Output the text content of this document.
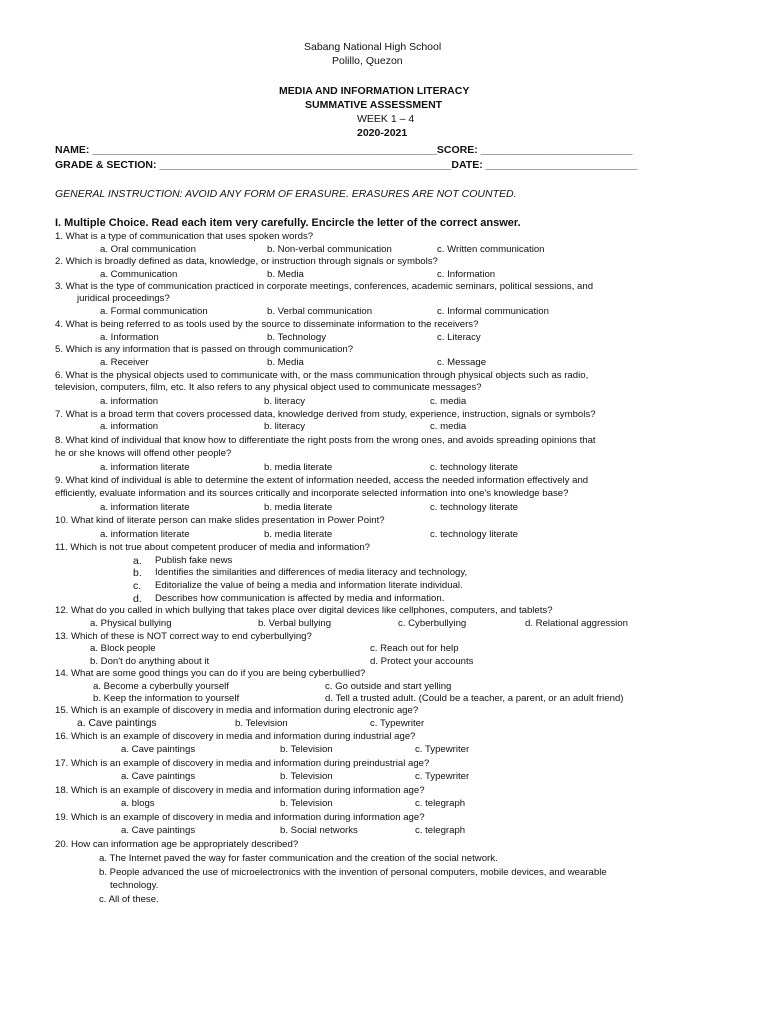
Sabang National High School
Polillo, Quezon
MEDIA AND INFORMATION LITERACY
SUMMATIVE ASSESSMENT
WEEK 1 – 4
2020-2021
NAME: ___________________________________________________________SCORE: __________________________
GRADE & SECTION: __________________________________________________DATE: __________________________
GENERAL INSTRUCTION: AVOID ANY FORM OF ERASURE. ERASURES ARE NOT COUNTED.
I. Multiple Choice. Read each item very carefully. Encircle the letter of the correct answer.
1. What is a type of communication that uses spoken words?
a. Oral communication	b. Non-verbal communication	c. Written communication
2. Which is broadly defined as data, knowledge, or instruction through signals or symbols?
a. Communication	b. Media	c. Information
3. What is the type of communication practiced in corporate meetings, conferences, academic seminars, political sessions, and
juridical proceedings?
a. Formal communication	b. Verbal communication	c. Informal communication
4. What is being referred to as tools used by the source to disseminate information to the receivers?
a. Information	b. Technology	c. Literacy
5. Which is any information that is passed on through communication?
a. Receiver	b. Media	c. Message
6. What is the physical objects used to communicate with, or the mass communication through physical objects such as radio,
television, computers, film, etc. It also refers to any physical object used to communicate messages?
a. information	b. literacy	c. media
7. What is a broad term that covers processed data, knowledge derived from study, experience, instruction, signals or symbols?
a. information	b. literacy	c. media
8. What kind of individual that know how to differentiate the right posts from the wrong ones, and avoids spreading opinions that
he or she knows will offend other people?
a. information literate	b. media literate	c. technology literate
9. What kind of individual is able to determine the extent of information needed, access the needed information effectively and
efficiently, evaluate information and its sources critically and incorporate selected information into one's knowledge base?
a. information literate	b. media literate	c. technology literate
10. What kind of literate person can make slides presentation in Power Point?
a. information literate	b. media literate	c. technology literate
11. Which is not true about competent producer of media and information?
a. Publish fake news
b. Identifies the similarities and differences of media literacy and technology,
c. Editorialize the value of being a media and information literate individual.
d. Describes how communication is affected by media and information.
12. What do you called in which bullying that takes place over digital devices like cellphones, computers, and tablets?
a. Physical bullying	b. Verbal bullying	c. Cyberbullying	d. Relational aggression
13. Which of these is NOT correct way to end cyberbullying?
a. Block people
b. Don't do anything about it
c. Reach out for help
d. Protect your accounts
14. What are some good things you can do if you are being cyberbullied?
a. Become a cyberbully yourself
b. Keep the information to yourself
c. Go outside and start yelling
d. Tell a trusted adult. (Could be a teacher, a parent, or an adult friend)
15. Which is an example of discovery in media and information during electronic age?
a. Cave paintings	b. Television	c. Typewriter
16. Which is an example of discovery in media and information during industrial age?
a. Cave paintings	b. Television	c. Typewriter
17. Which is an example of discovery in media and information during preindustrial age?
a. Cave paintings	b. Television	c. Typewriter
18. Which is an example of discovery in media and information during information age?
a. blogs	b. Television	c. telegraph
19. Which is an example of discovery in media and information during information age?
a. Cave paintings	b. Social networks	c. telegraph
20. How can information age be appropriately described?
a. The Internet paved the way for faster communication and the creation of the social network.
b. People advanced the use of microelectronics with the invention of personal computers, mobile devices, and wearable
technology.
c. All of these.
